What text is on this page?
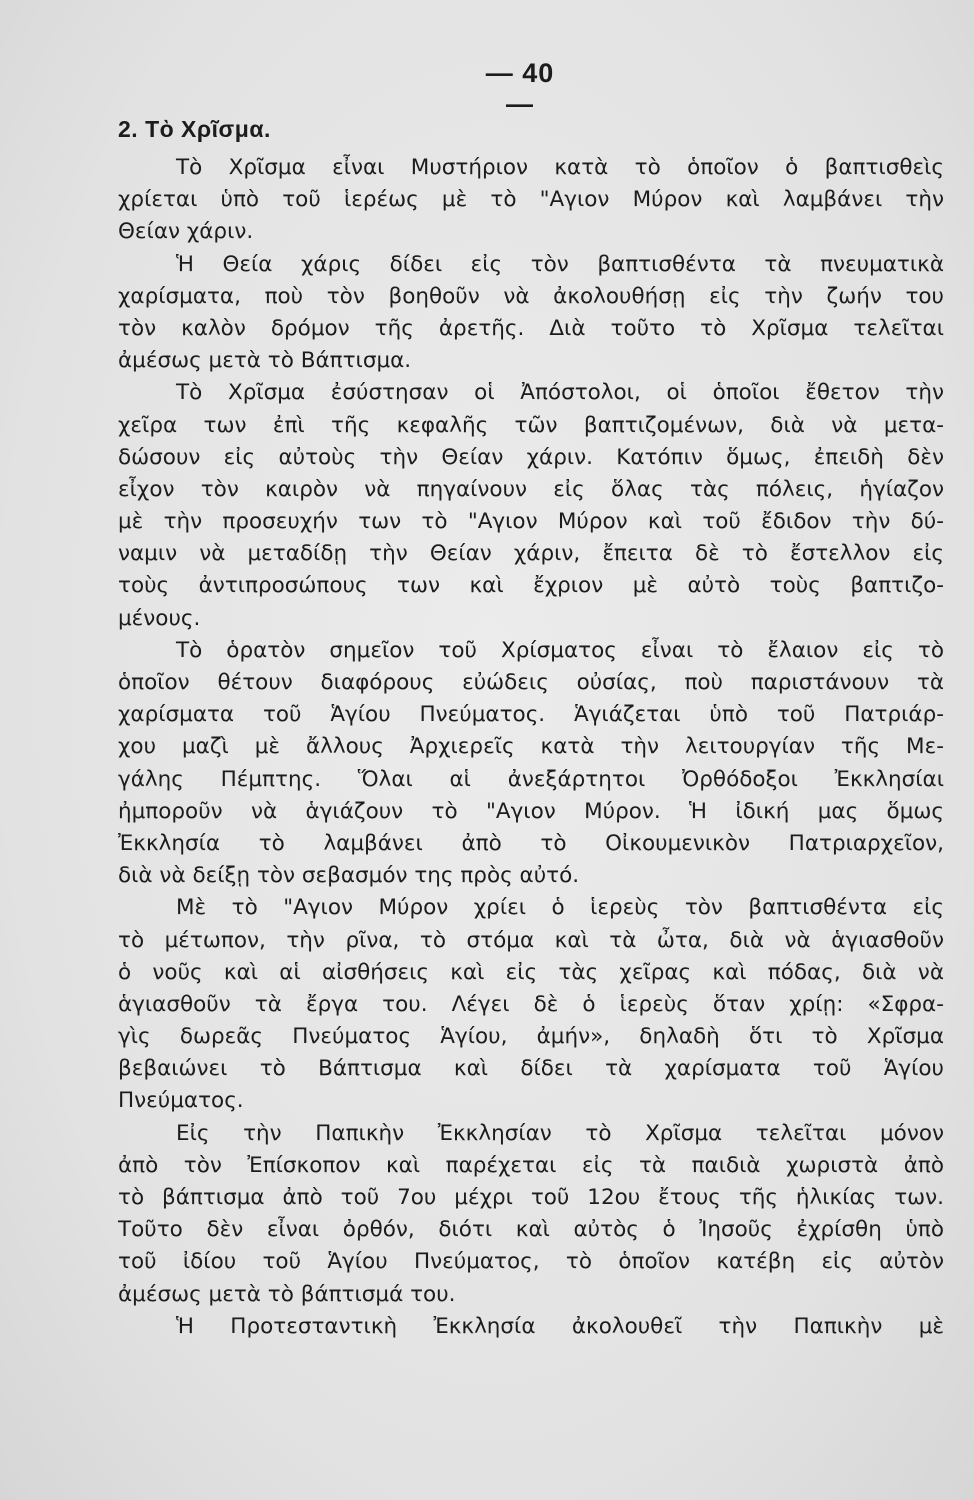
— 40 —
2. Τὸ Χρῖσμα.
Τὸ Χρῖσμα εἶναι Μυστήριον κατὰ τὸ ὁποῖον ὁ βαπτισθεὶς
χρίεται ὑπὸ τοῦ ἱερέως μὲ τὸ "Αγιον Μύρον καὶ λαμβάνει τὴν
Θείαν χάριν.
Ἡ Θεία χάρις δίδει εἰς τὸν βαπτισθέντα τὰ πνευματικὰ
χαρίσματα, ποὺ τὸν βοηθοῦν νὰ ἀκολουθήσῃ εἰς τὴν ζωήν του
τὸν καλὸν δρόμον τῆς ἀρετῆς. Διὰ τοῦτο τὸ Χρῖσμα τελεῖται
ἀμέσως μετὰ τὸ Βάπτισμα.
Τὸ Χρῖσμα ἐσύστησαν οἱ Ἀπόστολοι, οἱ ὁποῖοι ἔθετον τὴν
χεῖρα των ἐπὶ τῆς κεφαλῆς τῶν βαπτιζομένων, διὰ νὰ μετα-
δώσουν εἰς αὐτοὺς τὴν Θείαν χάριν. Κατόπιν ὅμως, ἐπειδὴ δὲν
εἶχον τὸν καιρὸν νὰ πηγαίνουν εἰς ὅλας τὰς πόλεις, ἡγίαζον
μὲ τὴν προσευχήν των τὸ "Αγιον Μύρον καὶ τοῦ ἔδιδον τὴν δύ-
ναμιν νὰ μεταδίδῃ τὴν Θείαν χάριν, ἔπειτα δὲ τὸ ἔστελλον εἰς
τοὺς ἀντιπροσώπους των καὶ ἔχριον μὲ αὐτὸ τοὺς βαπτιζο-
μένους.
Τὸ ὁρατὸν σημεῖον τοῦ Χρίσματος εἶναι τὸ ἔλαιον εἰς τὸ
ὁποῖον θέτουν διαφόρους εὐώδεις οὐσίας, ποὺ παριστάνουν τὰ
χαρίσματα τοῦ Ἁγίου Πνεύματος. Ἁγιάζεται ὑπὸ τοῦ Πατριάρ-
χου μαζὶ μὲ ἄλλους Ἀρχιερεῖς κατὰ τὴν λειτουργίαν τῆς Με-
γάλης Πέμπτης. Ὅλαι αἱ ἀνεξάρτητοι Ὀρθόδοξοι Ἐκκλησίαι
ἠμποροῦν νὰ ἁγιάζουν τὸ "Αγιον Μύρον. Ἡ ἰδική μας ὅμως
Ἐκκλησία τὸ λαμβάνει ἀπὸ τὸ Οἰκουμενικὸν Πατριαρχεῖον,
διὰ νὰ δείξῃ τὸν σεβασμόν της πρὸς αὐτό.
Μὲ τὸ "Αγιον Μύρον χρίει ὁ ἱερεὺς τὸν βαπτισθέντα εἰς
τὸ μέτωπον, τὴν ρῖνα, τὸ στόμα καὶ τὰ ὦτα, διὰ νὰ ἁγιασθοῦν
ὁ νοῦς καὶ αἱ αἰσθήσεις καὶ εἰς τὰς χεῖρας καὶ πόδας, διὰ νὰ
ἁγιασθοῦν τὰ ἔργα του. Λέγει δὲ ὁ ἱερεὺς ὅταν χρίῃ: «Σφρα-
γὶς δωρεᾶς Πνεύματος Ἁγίου, ἀμήν», δηλαδὴ ὅτι τὸ Χρῖσμα
βεβαιώνει τὸ Βάπτισμα καὶ δίδει τὰ χαρίσματα τοῦ Ἁγίου
Πνεύματος.
Εἰς τὴν Παπικὴν Ἐκκλησίαν τὸ Χρῖσμα τελεῖται μόνον
ἀπὸ τὸν Ἐπίσκοπον καὶ παρέχεται εἰς τὰ παιδιὰ χωριστὰ ἀπὸ
τὸ βάπτισμα ἀπὸ τοῦ 7ου μέχρι τοῦ 12ου ἔτους τῆς ἡλικίας των.
Τοῦτο δὲν εἶναι ὀρθόν, διότι καὶ αὐτὸς ὁ Ἰησοῦς ἐχρίσθη ὑπὸ
τοῦ ἰδίου τοῦ Ἁγίου Πνεύματος, τὸ ὁποῖον κατέβη εἰς αὐτὸν
ἀμέσως μετὰ τὸ βάπτισμά του.
Ἡ Προτεσταντικὴ Ἐκκλησία ἀκολουθεῖ τὴν Παπικὴν μὲ
